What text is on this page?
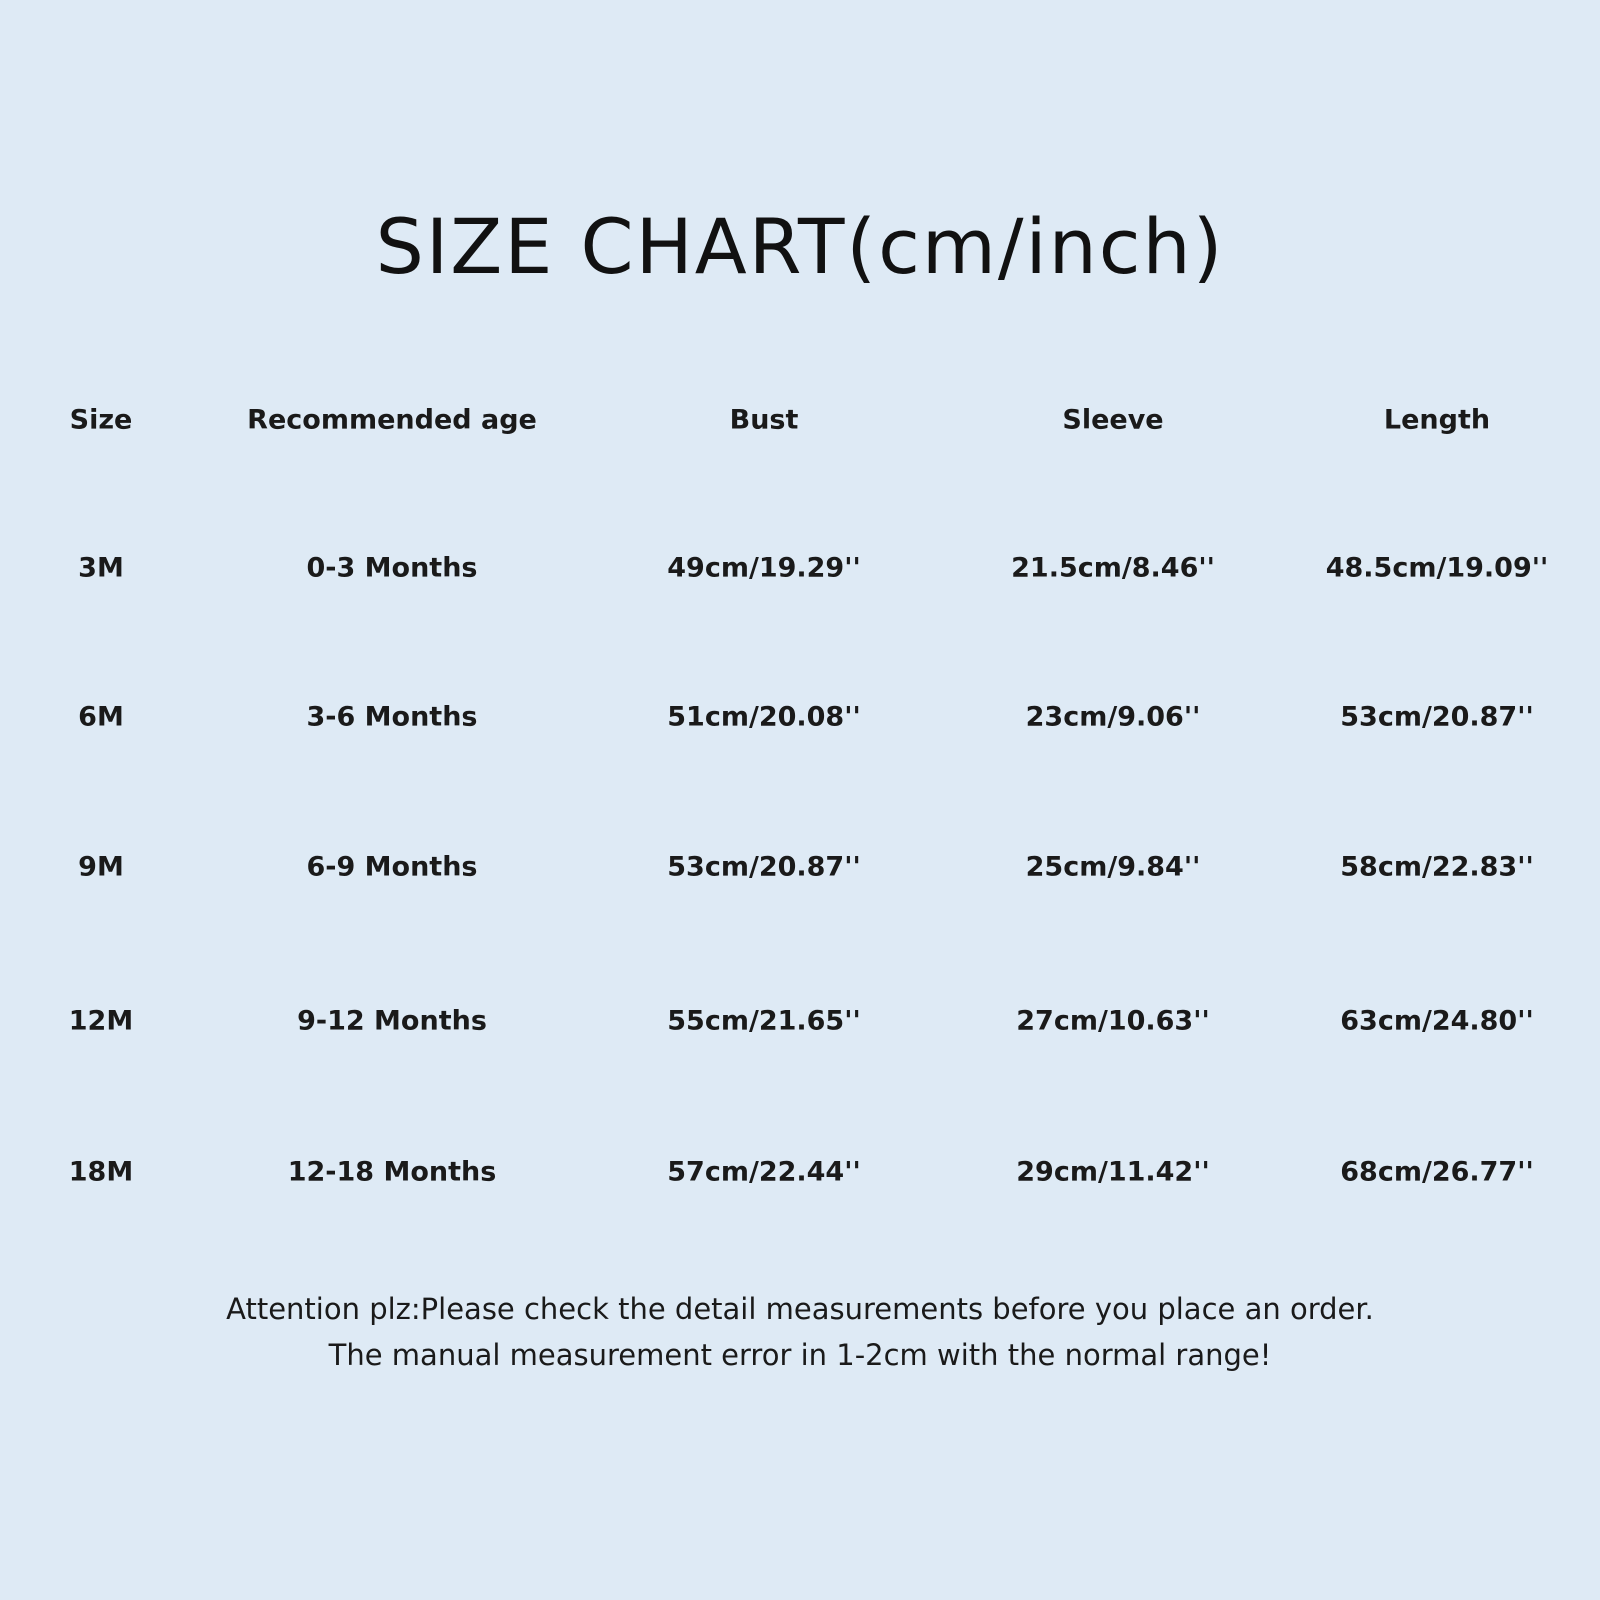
SIZE CHART(cm/inch)
Size	Recommended age	Bust	Sleeve	Length
3M	0-3 Months	49cm/19.29''	21.5cm/8.46''	48.5cm/19.09''
6M	3-6 Months	51cm/20.08''	23cm/9.06''	53cm/20.87''
9M	6-9 Months	53cm/20.87''	25cm/9.84''	58cm/22.83''
12M	9-12 Months	55cm/21.65''	27cm/10.63''	63cm/24.80''
18M	12-18 Months	57cm/22.44''	29cm/11.42''	68cm/26.77''
Attention plz:Please check the detail measurements before you place an order.
The manual measurement error in 1-2cm with the normal range!
